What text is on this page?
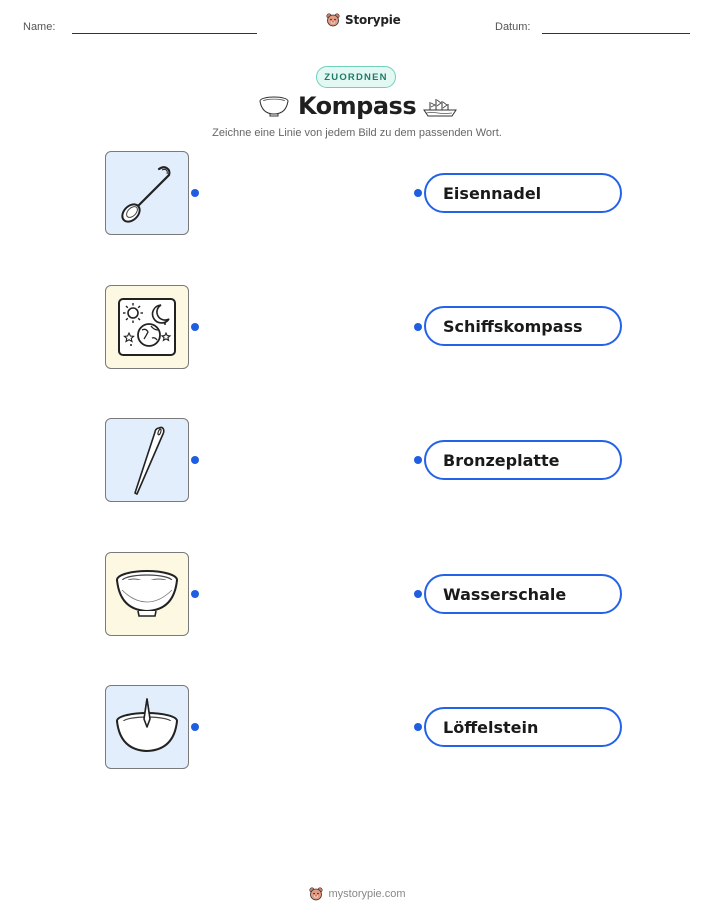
Name:	Storypie	Datum:
ZUORDNEN
Kompass
Zeichne eine Linie von jedem Bild zu dem passenden Wort.
Eisennadel
Schiffskompass
Bronzeplatte
Wasserschale
Löffelstein
mystorypie.com
